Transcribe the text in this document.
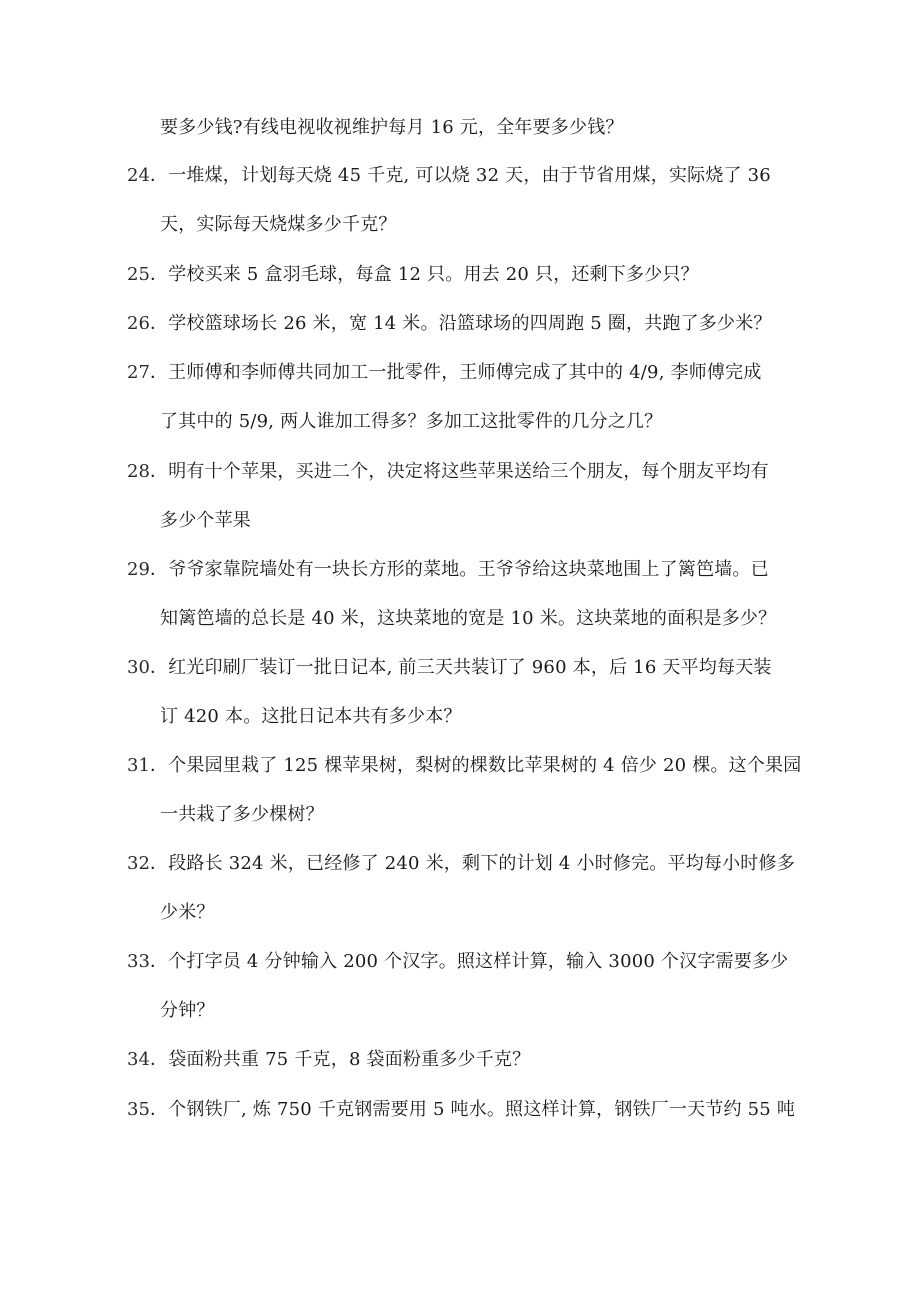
要多少钱?有线电视收视维护每月 16 元，全年要多少钱？
24 ．一堆煤，计划每天烧 45 千克, 可以烧 32 天，由于节省用煤，实际烧了 36
天，实际每天烧煤多少千克？
25 ．学校买来 5 盒羽毛球，每盒 12 只。用去 20 只，还剩下多少只？
26 ．学校篮球场长 26 米，宽 14 米。沿篮球场的四周跑 5 圈，共跑了多少米？
27 ．王师傅和李师傅共同加工一批零件，王师傅完成了其中的 4/9, 李师傅完成
了其中的 5/9, 两人谁加工得多？多加工这批零件的几分之几？
28 ．明有十个苹果，买进二个，决定将这些苹果送给三个朋友，每个朋友平均有
多少个苹果
29 ．爷爷家靠院墙处有一块长方形的菜地。王爷爷给这块菜地围上了篱笆墙。已
知篱笆墙的总长是 40 米，这块菜地的宽是 10 米。这块菜地的面积是多少？
30 ．红光印刷厂装订一批日记本, 前三天共装订了 960 本，后 16 天平均每天装
订 420 本。这批日记本共有多少本？
31 ．个果园里栽了 125 棵苹果树，梨树的棵数比苹果树的 4 倍少 20 棵。这个果园
一共栽了多少棵树？
32 ．段路长 324 米，已经修了 240 米，剩下的计划 4 小时修完。平均每小时修多
少米？
33 ．个打字员 4 分钟输入 200 个汉字。照这样计算，输入 3000 个汉字需要多少
分钟？
34 ．袋面粉共重 75 千克，8 袋面粉重多少千克？
35 ．个钢铁厂, 炼 750 千克钢需要用 5 吨水。照这样计算，钢铁厂一天节约 55 吨
